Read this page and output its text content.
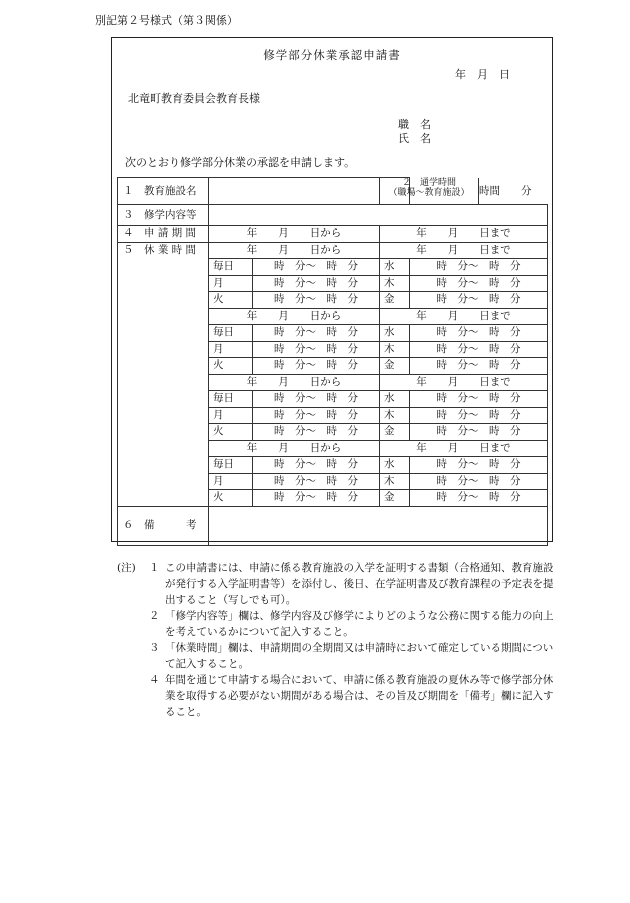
別記第２号様式（第３関係）
修学部分休業承認申請書
年　月　日
北竜町教育委員会教育長様
職　名
氏　名
次のとおり修学部分休業の承認を申請します。
１　教育施設名			２　通学時間
（職場～教育施設） 時間　　分	

３　修学内容等				
４　申 請 期 間	年　　月　　日から		年　　月　　日まで	
５　休 業 時 間	年　　月　　日から		年　　月　　日まで	
	毎日	時　分～　時　分	水	時　分～　時　分
	月	時　分～　時　分	木	時　分～　時　分
	火	時　分～　時　分	金	時　分～　時　分
	年　　月　　日から		年　　月　　日まで	
	毎日	時　分～　時　分	水	時　分～　時　分
	月	時　分～　時　分	木	時　分～　時　分
	火	時　分～　時　分	金	時　分～　時　分
	年　　月　　日から		年　　月　　日まで	
	毎日	時　分～　時　分	水	時　分～　時　分
	月	時　分～　時　分	木	時　分～　時　分
	火	時　分～　時　分	金	時　分～　時　分
	年　　月　　日から		年　　月　　日まで	
	毎日	時　分～　時　分	水	時　分～　時　分
	月	時　分～　時　分	木	時　分～　時　分
	火	時　分～　時　分	金	時　分～　時　分
６　備　　　考				
(注) １ この申請書には、申請に係る教育施設の入学を証明する書類（合格通知、教育施設が発行する入学証明書等）を添付し、後日、在学証明書及び教育課程の予定表を提出すること（写しでも可）。
２ 「修学内容等」欄は、修学内容及び修学によりどのような公務に関する能力の向上を考えているかについて記入すること。
３ 「休業時間」欄は、申請期間の全期間又は申請時において確定している期間について記入すること。
４ 年間を通じて申請する場合において、申請に係る教育施設の夏休み等で修学部分休業を取得する必要がない期間がある場合は、その旨及び期間を「備考」欄に記入すること。
